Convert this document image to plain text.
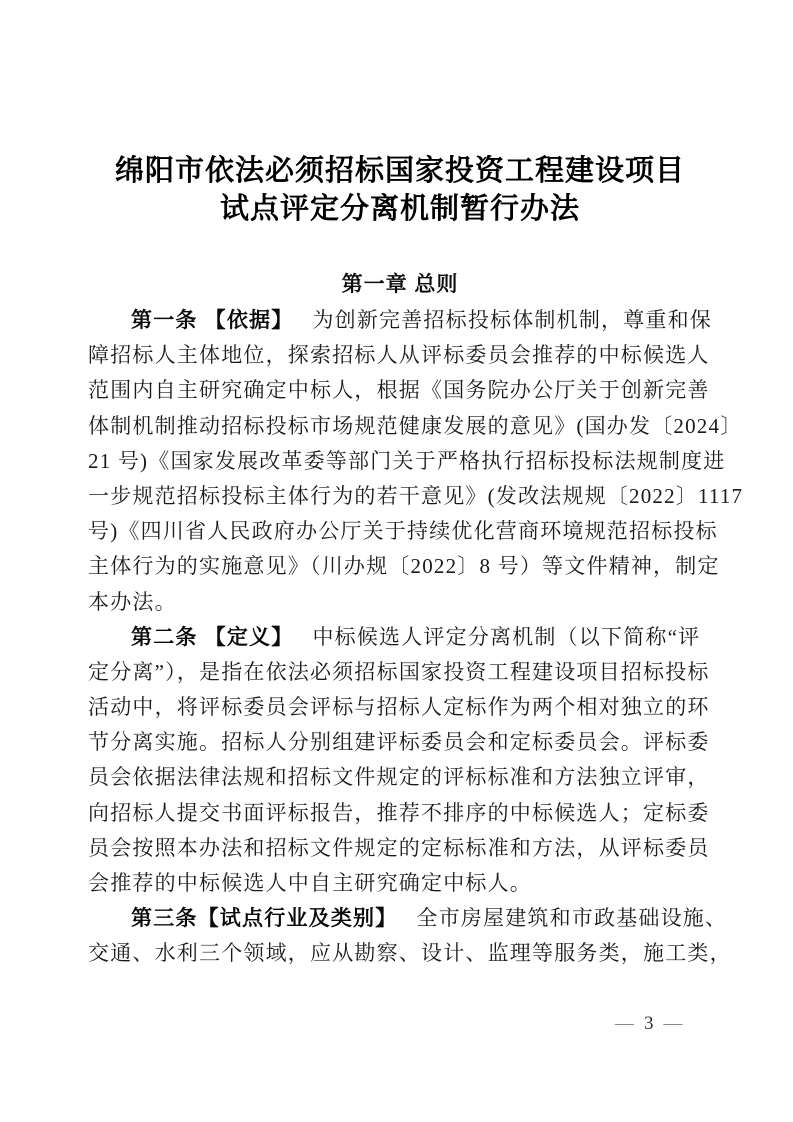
绵阳市依法必须招标国家投资工程建设项目
试点评定分离机制暂行办法
第一章 总则
第一条 【依据】 为创新完善招标投标体制机制，尊重和保
障招标人主体地位，探索招标人从评标委员会推荐的中标候选人
范围内自主研究确定中标人，根据《国务院办公厅关于创新完善
体制机制推动招标投标市场规范健康发展的意见》(国办发〔2024〕
21 号)《国家发展改革委等部门关于严格执行招标投标法规制度进
一步规范招标投标主体行为的若干意见》(发改法规规〔2022〕1117
号)《四川省人民政府办公厅关于持续优化营商环境规范招标投标
主体行为的实施意见》（川办规〔2022〕8 号）等文件精神，制定
本办法。
第二条 【定义】 中标候选人评定分离机制（以下简称“评
定分离”），是指在依法必须招标国家投资工程建设项目招标投标
活动中，将评标委员会评标与招标人定标作为两个相对独立的环
节分离实施。招标人分别组建评标委员会和定标委员会。评标委
员会依据法律法规和招标文件规定的评标标准和方法独立评审，
向招标人提交书面评标报告，推荐不排序的中标候选人；定标委
员会按照本办法和招标文件规定的定标标准和方法，从评标委员
会推荐的中标候选人中自主研究确定中标人。
第三条【试点行业及类别】 全市房屋建筑和市政基础设施、
交通、水利三个领域，应从勘察、设计、监理等服务类，施工类，
— 3 —
